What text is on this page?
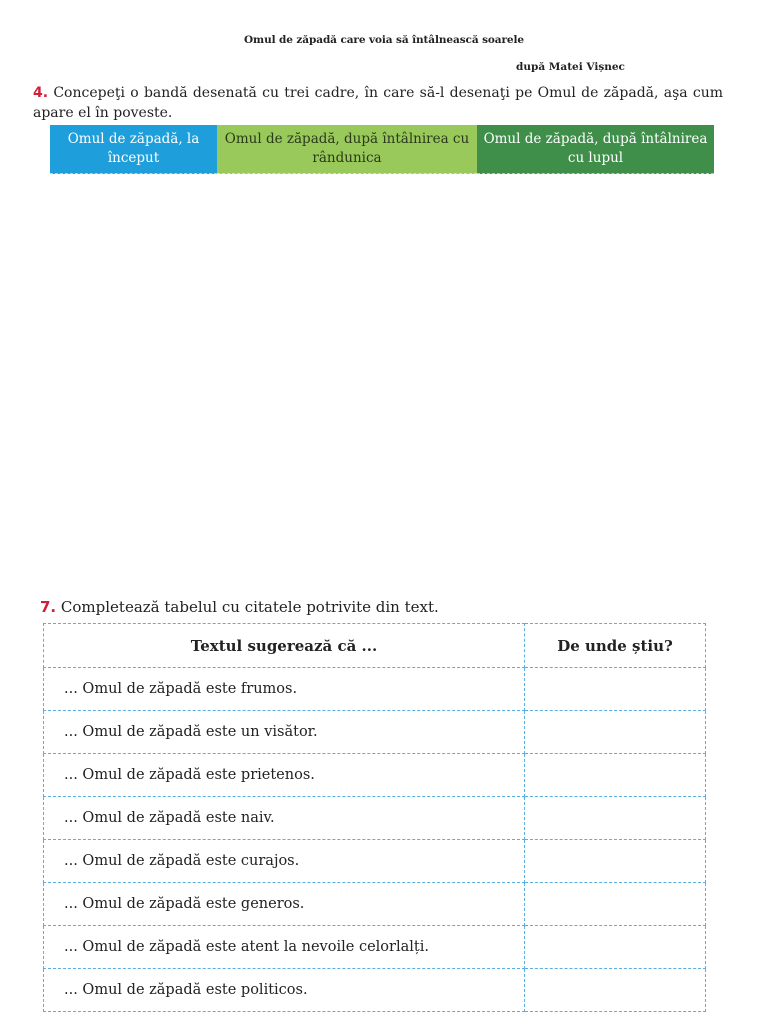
Omul de zăpadă care voia să întâlnească soarele
după Matei Vișnec
4. Concepeţi o bandă desenată cu trei cadre, în care să-l desenaţi pe Omul de zăpadă, aşa cum apare el în poveste.
Omul de zăpadă, la început
Omul de zăpadă, după întâlnirea cu rândunica
Omul de zăpadă, după întâlnirea cu lupul
7. Completează tabelul cu citatele potrivite din text.
Textul sugerează că ...	De unde știu?
... Omul de zăpadă este frumos.	
... Omul de zăpadă este un visător.	
... Omul de zăpadă este prietenos.	
... Omul de zăpadă este naiv.	
... Omul de zăpadă este curajos.	
... Omul de zăpadă este generos.	
... Omul de zăpadă este atent la nevoile celorlalți.	
... Omul de zăpadă este politicos.	
